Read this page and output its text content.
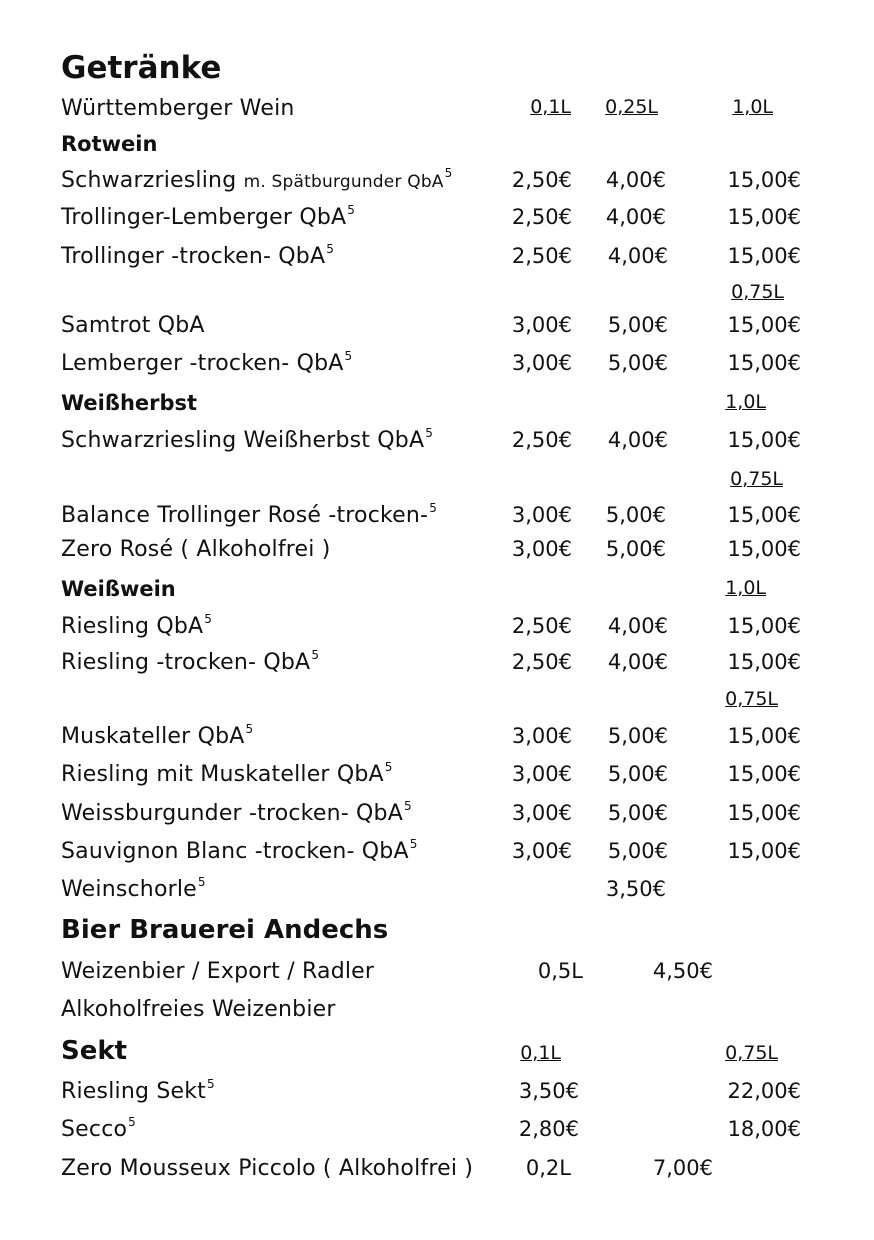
Getränke
Württemberger Wein	0,1L 0,25L	1,0L
Rotwein
Schwarzriesling m. Spätburgunder QbA$^5$	2,50€ 4,00€	15,00€
Trollinger-Lemberger QbA$^5$	2,50€ 4,00€	15,00€
Trollinger -trocken- QbA$^5$	2,50€ 4,00€	15,00€
0,75L
Samtrot QbA	3,00€ 5,00€	15,00€
Lemberger -trocken- QbA$^5$	3,00€ 5,00€	15,00€
Weißherbst	1,0L
Schwarzriesling Weißherbst QbA$^5$	2,50€ 4,00€	15,00€
0,75L
Balance Trollinger Rosé -trocken-$^5$	3,00€ 5,00€	15,00€
Zero Rosé ( Alkoholfrei )	3,00€ 5,00€	15,00€
Weißwein	1,0L
Riesling QbA$^5$	2,50€ 4,00€	15,00€
Riesling -trocken- QbA$^5$	2,50€ 4,00€	15,00€
0,75L
Muskateller QbA$^5$	3,00€ 5,00€	15,00€
Riesling mit Muskateller QbA$^5$	3,00€ 5,00€	15,00€
Weissburgunder -trocken- QbA$^5$	3,00€ 5,00€	15,00€
Sauvignon Blanc -trocken- QbA$^5$	3,00€ 5,00€	15,00€
Weinschorle$^5$	3,50€
Bier Brauerei Andechs
Weizenbier / Export / Radler	0,5L	4,50€
Alkoholfreies Weizenbier
Sekt	0,1L	0,75L
Riesling Sekt$^5$	3,50€	22,00€
Secco$^5$	2,80€	18,00€
Zero Mousseux Piccolo ( Alkoholfrei )	0,2L	7,00€
